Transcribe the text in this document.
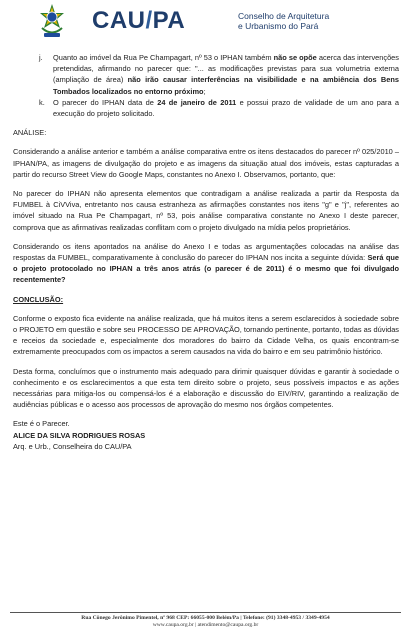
CAU/PA	Conselho de Arquitetura
e Urbanismo do Pará
j.	Quanto ao imóvel da Rua Pe Champagart, nº 53 o IPHAN também não se opõe acerca das intervenções pretendidas, afirmando no parecer que: "... as modificações previstas para sua volumetria externa (ampliação de área) não irão causar interferências na visibilidade e na ambiência dos Bens Tombados localizados no entorno próximo;
k.	O parecer do IPHAN data de 24 de janeiro de 2011 e possui prazo de validade de um ano para a execução do projeto solicitado.

ANÁLISE:

Considerando a análise anterior e também a análise comparativa entre os itens destacados do parecer nº 025/2010 – IPHAN/PA, as imagens de divulgação do projeto e as imagens da situação atual dos imóveis, estas capturadas a partir do recurso Street View do Google Maps, constantes no Anexo I. Observamos, portanto, que:

No parecer do IPHAN não apresenta elementos que contradigam a análise realizada a partir da Resposta da FUMBEL à CiVViva, entretanto nos causa estranheza as afirmações constantes nos itens "g" e "j", referentes ao imóvel situado na Rua Pe Champagart, nº 53, pois análise comparativa constante no Anexo I deste parecer, comprova que as afirmativas realizadas conflitam com o projeto divulgado na mídia pelos proprietários.

Considerando os itens apontados na análise do Anexo I e todas as argumentações colocadas na análise das respostas da FUMBEL, comparativamente à conclusão do parecer do IPHAN nos incita a seguinte dúvida: Será que o projeto protocolado no IPHAN a três anos atrás (o parecer é de 2011) é o mesmo que foi divulgado recentemente?

CONCLUSÃO:

Conforme o exposto fica evidente na análise realizada, que há muitos itens a serem esclarecidos à sociedade sobre o PROJETO em questão e sobre seu PROCESSO DE APROVAÇÃO, tornando pertinente, portanto, todas as dúvidas e receios da sociedade e, especialmente dos moradores do bairro da Cidade Velha, os quais encontram-se extremamente preocupados com os impactos a serem causados na vida do bairro e em seu patrimônio histórico.

Desta forma, concluímos que o instrumento mais adequado para dirimir quaisquer dúvidas e garantir à sociedade o conhecimento e os esclarecimentos a que esta tem direito sobre o projeto, seus possíveis impactos e as ações necessárias para mitiga-los ou compensá-los é a elaboração e discussão do EIV/RIV, garantindo a realização de audiências públicas e o acesso aos processos de aprovação do mesmo nos órgãos competentes.

Este é o Parecer.

ALICE DA SILVA RODRIGUES ROSAS

Arq. e Urb., Conselheira do CAU/PA

Rua Cônego Jerônimo Pimentel, nº 968 CEP: 66055-000 Belém/Pa | Telefone: (91) 3348-4953 / 3349-4954
www.caupa.org.br | atendimento@caupa.org.br
